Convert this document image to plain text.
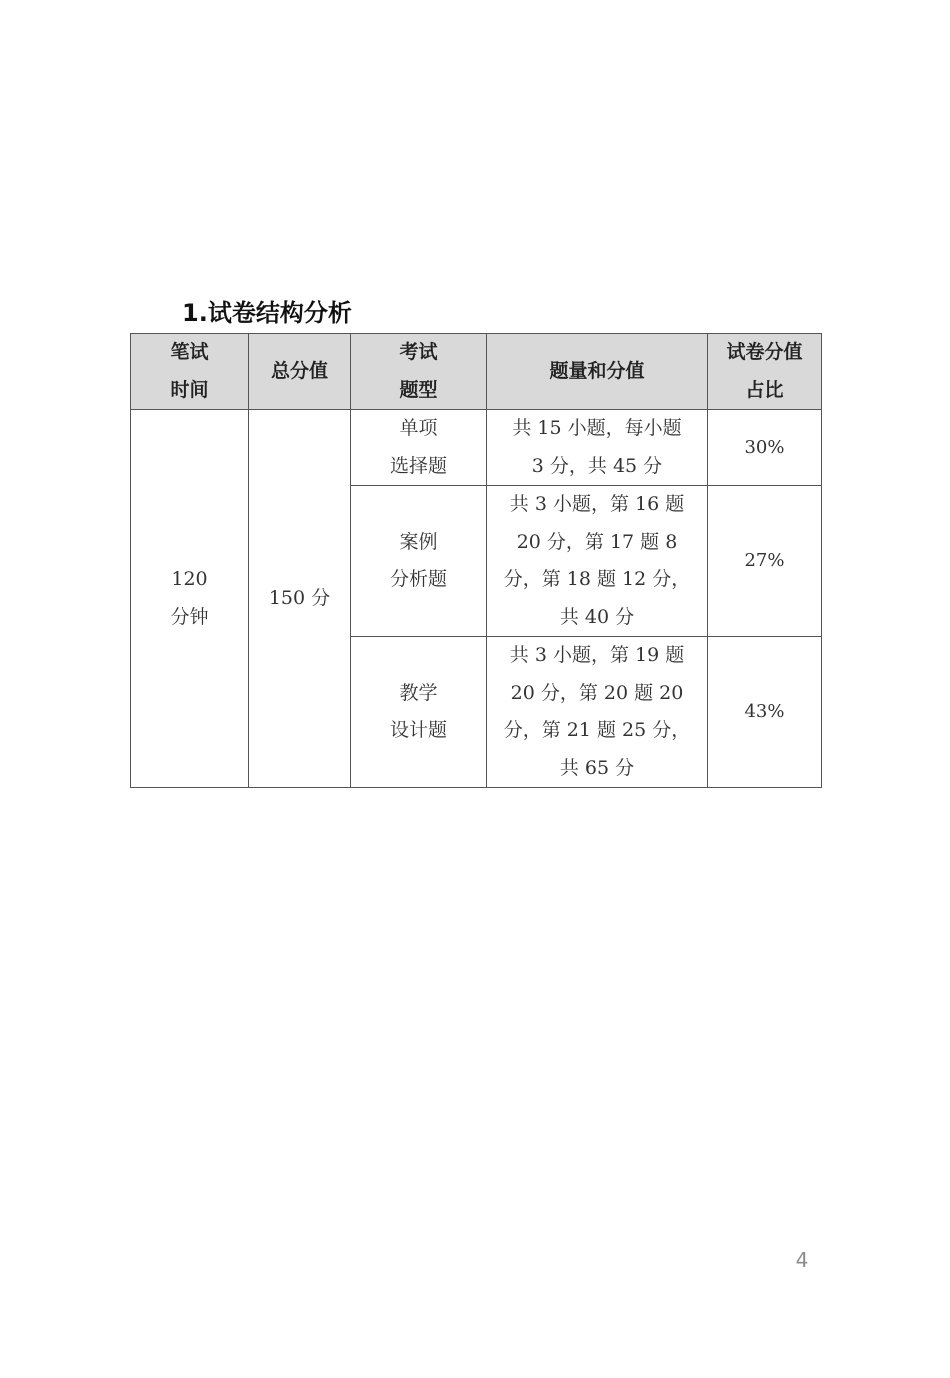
1.试卷结构分析
笔试
时间	总分值	考试
题型	题量和分值	试卷分值
占比

120
分钟	150 分	单项
选择题	共 15 小题，每小题
3 分，共 45 分	30%

		案例
分析题	共 3 小题，第 16 题
20 分，第 17 题 8
分，第 18 题 12 分，
共 40 分	27%

		教学
设计题	共 3 小题，第 19 题
20 分，第 20 题 20
分，第 21 题 25 分，
共 65 分	43%
4
